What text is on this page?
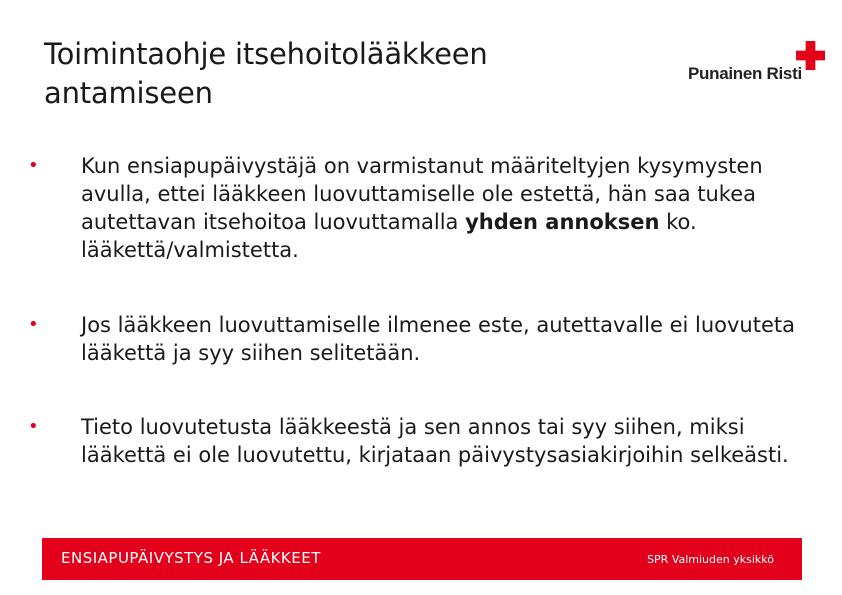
Toimintaohje itsehoitolääkkeen
antamiseen
Punainen Risti
• Kun ensiapupäivystäjä on varmistanut määriteltyjen kysymysten avulla, ettei lääkkeen luovuttamiselle ole estettä, hän saa tukea autettavan itsehoitoa luovuttamalla yhden annoksen ko. lääkettä/valmistetta.
• Jos lääkkeen luovuttamiselle ilmenee este, autettavalle ei luovuteta lääkettä ja syy siihen selitetään.
• Tieto luovutetusta lääkkeestä ja sen annos tai syy siihen, miksi lääkettä ei ole luovutettu, kirjataan päivystysasiakirjoihin selkeästi.
ENSIAPUPÄIVYSTYS JA LÄÄKKEET	SPR Valmiuden yksikkö
